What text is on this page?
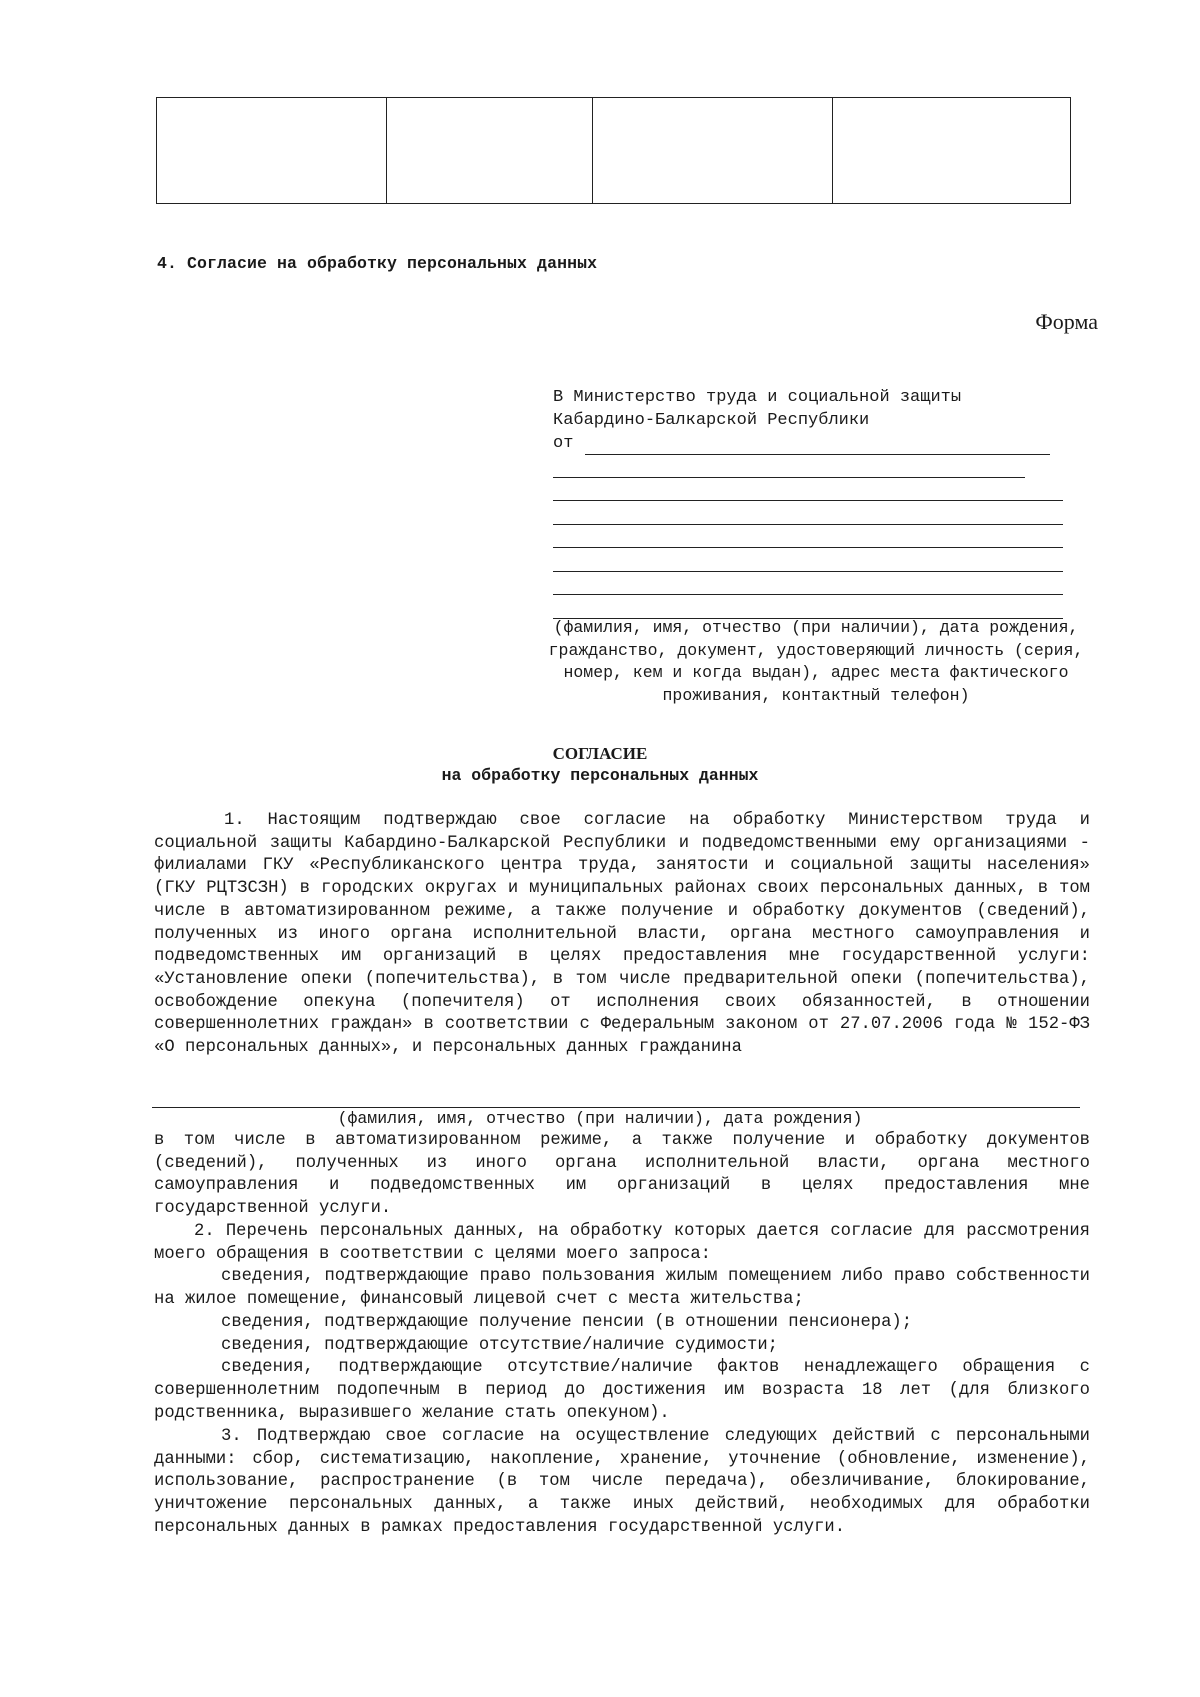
4. Согласие на обработку персональных данных
Форма
В Министерство труда и социальной защиты
Кабардино-Балкарской Республики
от
(фамилия, имя, отчество (при наличии), дата рождения, гражданство, документ, удостоверяющий личность (серия, номер, кем и когда выдан), адрес места фактического проживания, контактный телефон)
СОГЛАСИЕ
на обработку персональных данных

1. Настоящим подтверждаю свое согласие на обработку Министерством труда и социальной защиты Кабардино-Балкарской Республики и подведомственными ему организациями - филиалами ГКУ «Республиканского центра труда, занятости и социальной защиты населения» (ГКУ РЦТЗСЗН) в городских округах и муниципальных районах своих персональных данных, в том числе в автоматизированном режиме, а также получение и обработку документов (сведений), полученных из иного органа исполнительной власти, органа местного самоуправления и подведомственных им организаций в целях предоставления мне государственной услуги: «Установление опеки (попечительства), в том числе предварительной опеки (попечительства), освобождение опекуна (попечителя) от исполнения своих обязанностей, в отношении совершеннолетних граждан» в соответствии с Федеральным законом от 27.07.2006 года № 152-ФЗ «О персональных данных», и персональных данных гражданина

(фамилия, имя, отчество (при наличии), дата рождения)

в том числе в автоматизированном режиме, а также получение и обработку документов (сведений), полученных из иного органа исполнительной власти, органа местного самоуправления и подведомственных им организаций в целях предоставления мне государственной услуги.

2. Перечень персональных данных, на обработку которых дается согласие для рассмотрения моего обращения в соответствии с целями моего запроса:

сведения, подтверждающие право пользования жилым помещением либо право собственности на жилое помещение, финансовый лицевой счет с места жительства;

сведения, подтверждающие получение пенсии (в отношении пенсионера);

сведения, подтверждающие отсутствие/наличие судимости;

сведения, подтверждающие отсутствие/наличие фактов ненадлежащего обращения с совершеннолетним подопечным в период до достижения им возраста 18 лет (для близкого родственника, выразившего желание стать опекуном).

3. Подтверждаю свое согласие на осуществление следующих действий с персональными данными: сбор, систематизацию, накопление, хранение, уточнение (обновление, изменение), использование, распространение (в том числе передача), обезличивание, блокирование, уничтожение персональных данных, а также иных действий, необходимых для обработки персональных данных в рамках предоставления государственной услуги.
